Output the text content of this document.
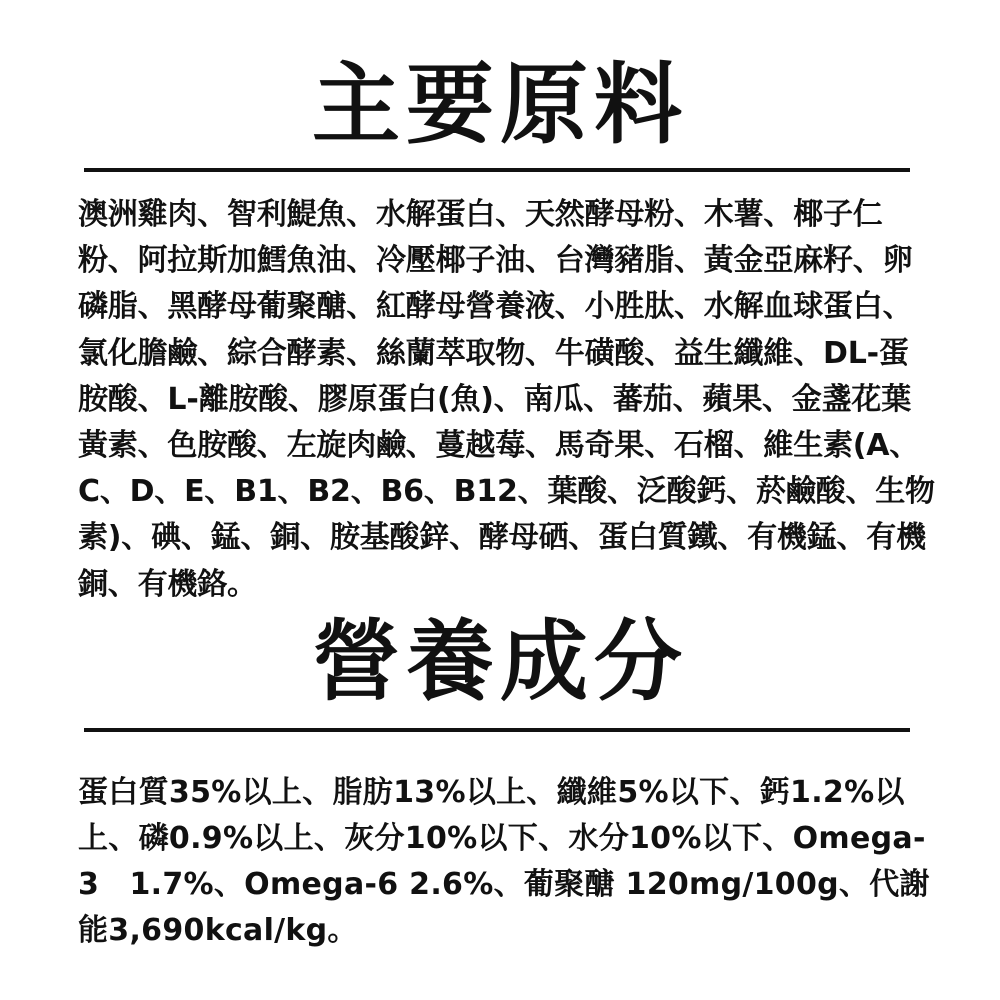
主要原料

澳洲雞肉、智利鯷魚、水解蛋白、天然酵母粉、木薯、椰子仁粉、阿拉斯加鱈魚油、冷壓椰子油、台灣豬脂、黃金亞麻籽、卵磷脂、黑酵母葡聚醣、紅酵母營養液、小胜肽、水解血球蛋白、氯化膽鹼、綜合酵素、絲蘭萃取物、牛磺酸、益生纖維、DL-蛋胺酸、L-離胺酸、膠原蛋白(魚)、南瓜、蕃茄、蘋果、金盞花葉黃素、色胺酸、左旋肉鹼、蔓越莓、馬奇果、石榴、維生素(A、C、D、E、B1、B2、B6、B12、葉酸、泛酸鈣、菸鹼酸、生物素)、碘、錳、銅、胺基酸鋅、酵母硒、蛋白質鐵、有機錳、有機銅、有機鉻。

營養成分

蛋白質35%以上、脂肪13%以上、纖維5%以下、鈣1.2%以上、磷0.9%以上、灰分10%以下、水分10%以下、Omega-3　1.7%、Omega-6 2.6%、葡聚醣 120mg/100g、代謝能3,690kcal/kg。
